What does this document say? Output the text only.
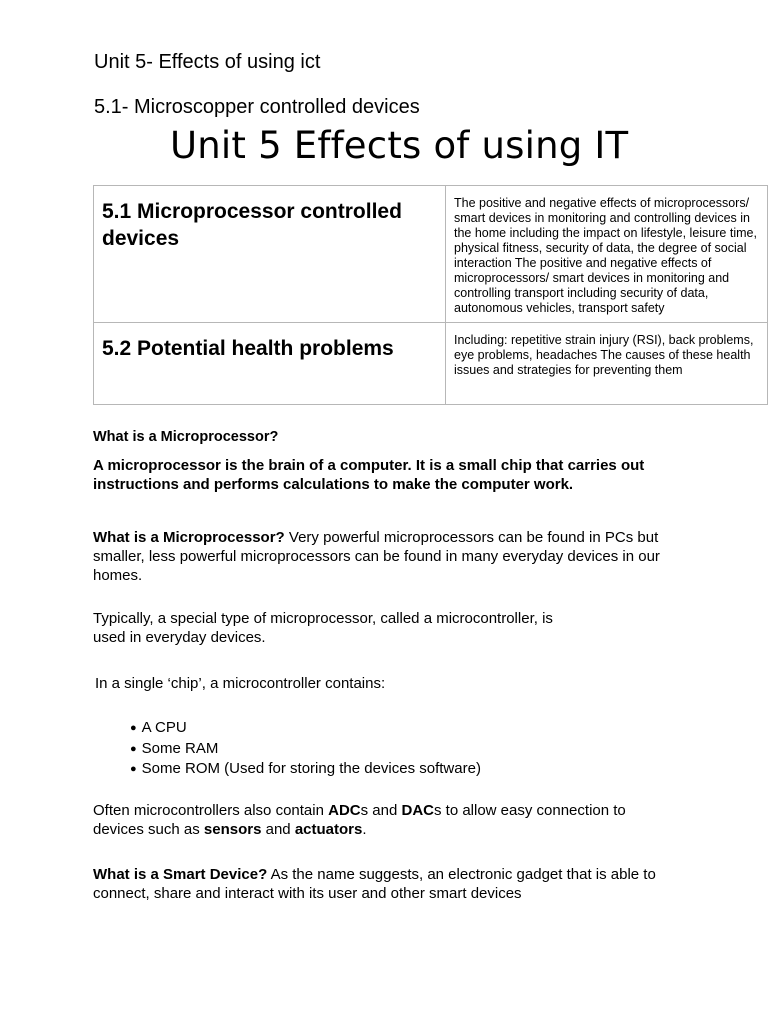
Unit 5- Effects of using ict
5.1- Microscopper controlled devices
Unit 5 Effects of using IT
5.1 Microprocessor controlled devices	The positive and negative effects of microprocessors/ smart devices in monitoring and controlling devices in the home including the impact on lifestyle, leisure time, physical fitness, security of data, the degree of social interaction The positive and negative effects of microprocessors/ smart devices in monitoring and controlling transport including security of data, autonomous vehicles, transport safety
5.2 Potential health problems	Including: repetitive strain injury (RSI), back problems, eye problems, headaches The causes of these health issues and strategies for preventing them

What is a Microprocessor?

A microprocessor is the brain of a computer. It is a small chip that carries out instructions and performs calculations to make the computer work.

What is a Microprocessor? Very powerful microprocessors can be found in PCs but smaller, less powerful microprocessors can be found in many everyday devices in our homes.

Typically, a special type of microprocessor, called a microcontroller, is used in everyday devices.

In a single ‘chip’, a microcontroller contains:

● A CPU
● Some RAM
● Some ROM (Used for storing the devices software)

Often microcontrollers also contain ADCs and DACs to allow easy connection to devices such as sensors and actuators.

What is a Smart Device? As the name suggests, an electronic gadget that is able to connect, share and interact with its user and other smart devices
